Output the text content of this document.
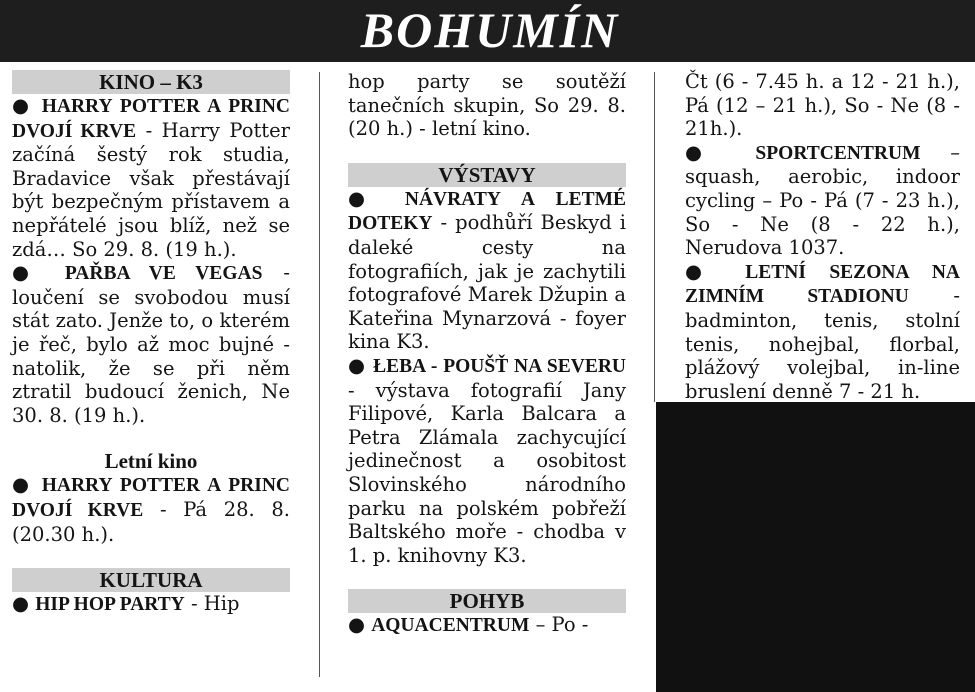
BOHUMÍN
KINO – K3

● HARRY POTTER A PRINC DVOJÍ KRVE - Harry Potter začíná šestý rok studia, Bradavice však přestávají být bezpečným přístavem a nepřátelé jsou blíž, než se zdá… So 29. 8. (19 h.).

● PAŘBA VE VEGAS - loučení se svobodou musí stát zato. Jenže to, o kterém je řeč, bylo až moc bujné - natolik, že se při něm ztratil budoucí ženich, Ne 30. 8. (19 h.).

Letní kino

● HARRY POTTER A PRINC DVOJÍ KRVE - Pá 28. 8. (20.30 h.).

KULTURA

● HIP HOP PARTY - Hip

hop party se soutěží tanečních skupin, So 29. 8. (20 h.) - letní kino.

VÝSTAVY

● NÁVRATY A LETMÉ DOTEKY - podhůří Beskyd i daleké cesty na fotografiích, jak je zachytili fotografové Marek Džupin a Kateřina Mynarzová - foyer kina K3.

● ŁEBA - POUŠŤ NA SEVERU - výstava fotografií Jany Filipové, Karla Balcara a Petra Zlámala zachycující jedinečnost a osobitost Slovinského národního parku na polském pobřeží Baltského moře - chodba v 1. p. knihovny K3.

POHYB

● AQUACENTRUM – Po -

Čt (6 - 7.45 h. a 12 - 21 h.), Pá (12 – 21 h.), So - Ne (8 - 21h.).

● SPORTCENTRUM – squash, aerobic, indoor cycling – Po - Pá (7 - 23 h.), So - Ne (8 - 22 h.), Nerudova 1037.

● LETNÍ SEZONA NA ZIMNÍM STADIONU - badminton, tenis, stolní tenis, nohejbal, florbal, plážový volejbal, in-line bruslení denně 7 - 21 h.
